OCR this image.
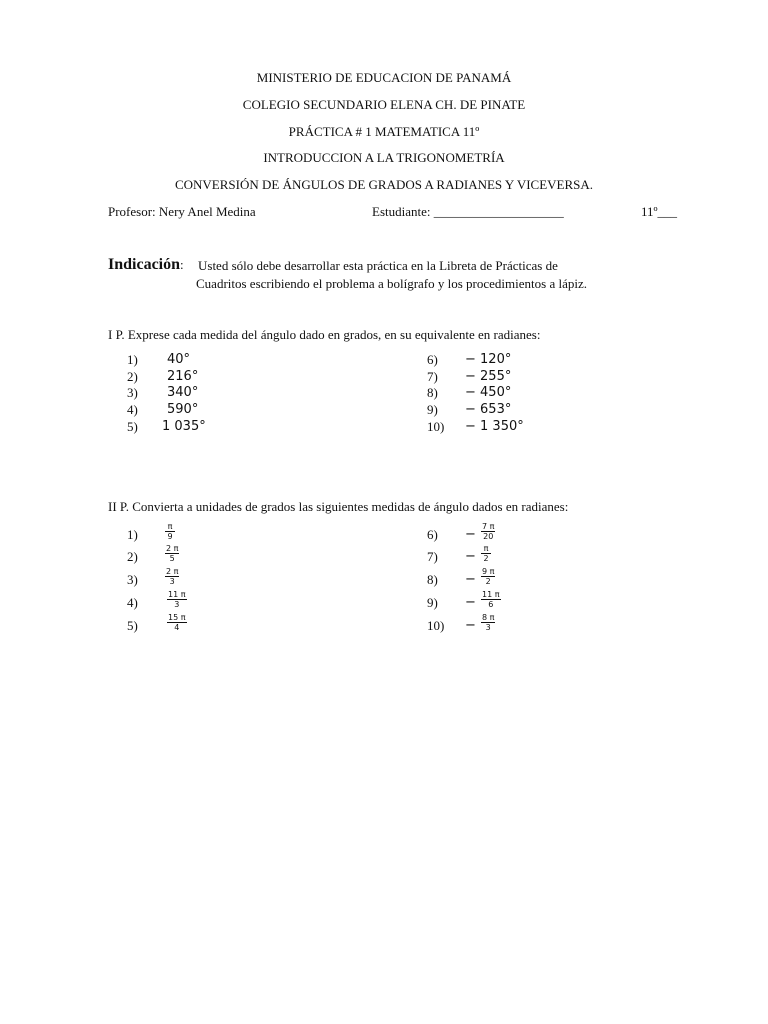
MINISTERIO DE EDUCACION DE PANAMÁ
COLEGIO SECUNDARIO ELENA CH. DE PINATE
PRÁCTICA # 1 MATEMATICA 11º
INTRODUCCION A LA TRIGONOMETRÍA
CONVERSIÓN DE ÁNGULOS DE GRADOS A RADIANES Y VICEVERSA.
Profesor: Nery Anel Medina	Estudiante: ____________________	11º___
Indicación: Usted sólo debe desarrollar esta práctica en la Libreta de Prácticas de
Cuadritos escribiendo el problema a bolígrafo y los procedimientos a lápiz.
I P. Exprese cada medida del ángulo dado en grados, en su equivalente en radianes:
1) 40°
2) 216°
3) 340°
4) 590°
5) 1 035°
6) − 120°
7) − 255°
8) − 450°
9) − 653°
10) − 1 350°
II P. Convierta a unidades de grados las siguientes medidas de ángulo dados en radianes:
1)
π
9
2)
2 π
5
3)
2 π
3
4)
11 π
3
5)
15 π
4
6) −
7 π
20
7) −
π
2
8) −
9 π
2
9) −
11 π
6
10) −
8 π
3
